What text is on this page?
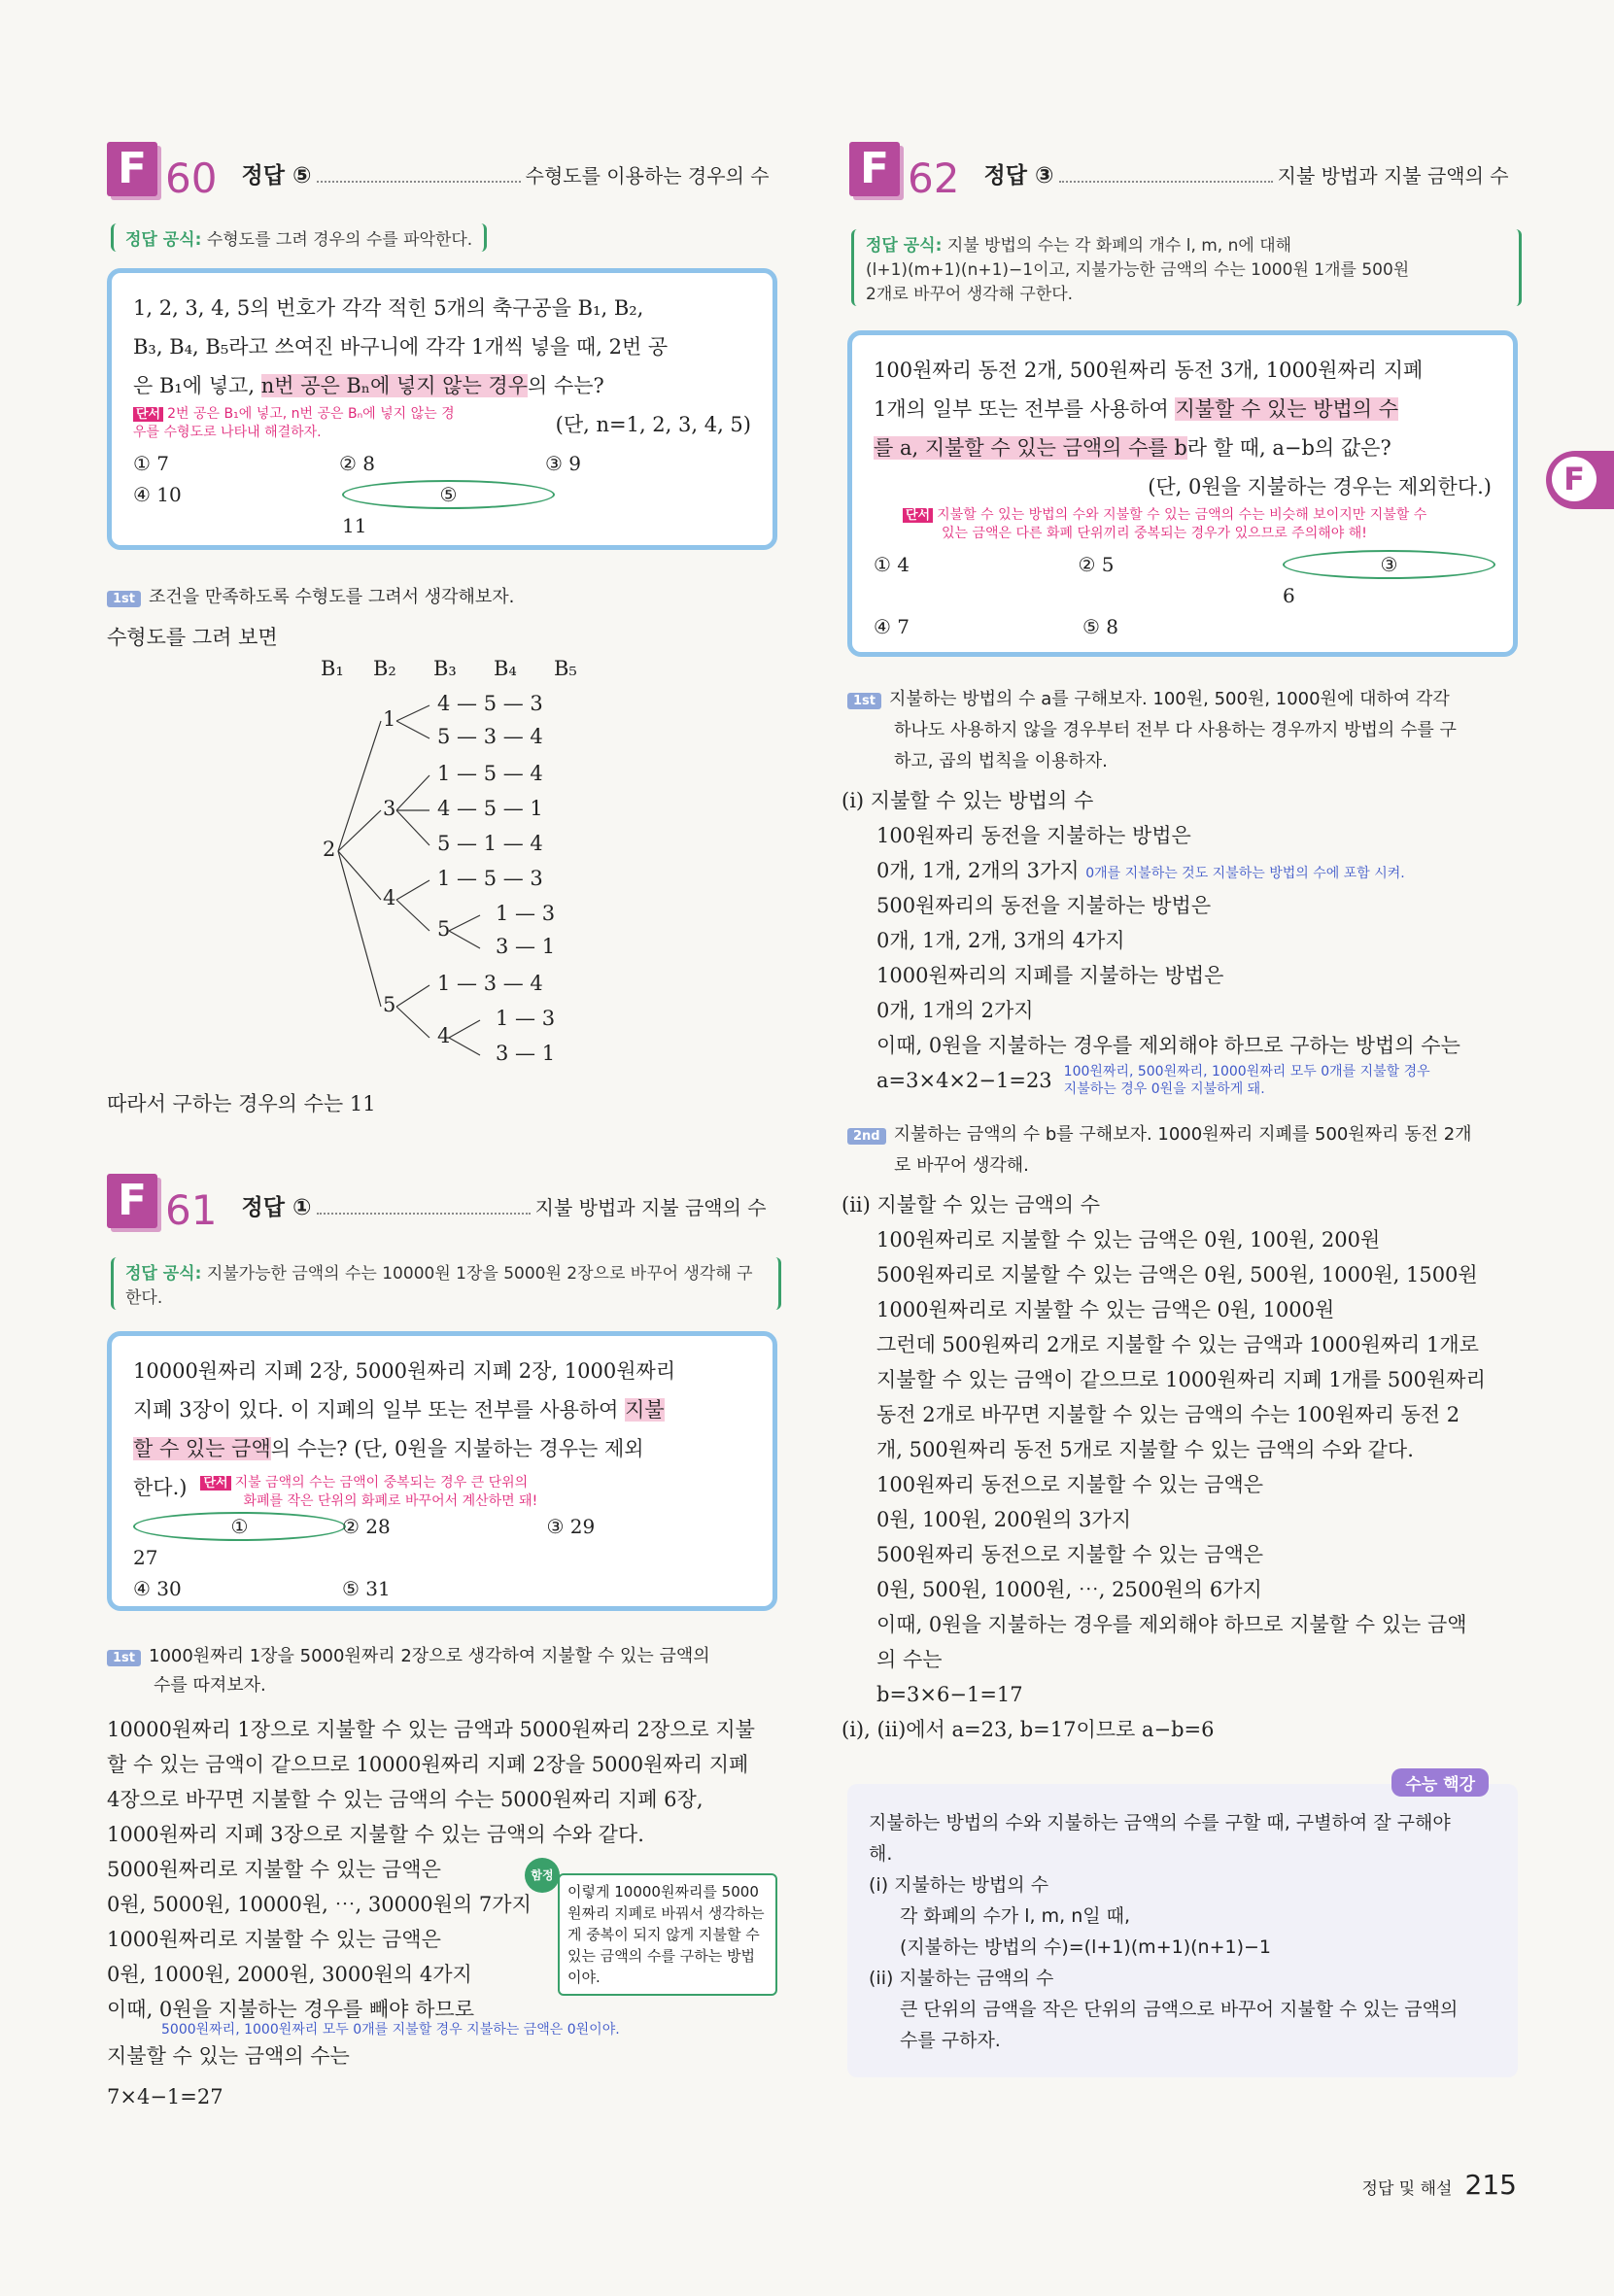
F
F 60 정답 ⑤	수형도를 이용하는 경우의 수
정답 공식: 수형도를 그려 경우의 수를 파악한다.
1, 2, 3, 4, 5의 번호가 각각 적힌 5개의 축구공을 B₁, B₂,
B₃, B₄, B₅라고 쓰여진 바구니에 각각 1개씩 넣을 때, 2번 공
은 B₁에 넣고, n번 공은 Bₙ에 넣지 않는 경우의 수는?
단서 2번 공은 B₁에 넣고, n번 공은 Bₙ에 넣지 않는 경우를 수형도로 나타내 해결하자.	(단, n=1, 2, 3, 4, 5)
① 7	② 8	③ 9
④ 10	⑤11
1st 조건을 만족하도록 수형도를 그려서 생각해보자.
수형도를 그려 보면
B₁ B₂ B₃ B₄ B₅
2
1
3
4
5
4 — 5 — 3
5 — 3 — 4
1 — 5 — 4
4 — 5 — 1
5 — 1 — 4
1 — 5 — 3
5
1 — 3
3 — 1
1 — 3 — 4
4
1 — 3
3 — 1
따라서 구하는 경우의 수는 11
F 61 정답 ①	지불 방법과 지불 금액의 수
정답 공식: 지불가능한 금액의 수는 10000원 1장을 5000원 2장으로 바꾸어 생각해 구한다.
10000원짜리 지폐 2장, 5000원짜리 지폐 2장, 1000원짜리
지폐 3장이 있다. 이 지폐의 일부 또는 전부를 사용하여 지불
할 수 있는 금액의 수는? (단, 0원을 지불하는 경우는 제외
한다.) 단서 지불 금액의 수는 금액이 중복되는 경우 큰 단위의
화폐를 작은 단위의 화폐로 바꾸어서 계산하면 돼!
①27
② 28	③ 29
④ 30	⑤ 31
1st 1000원짜리 1장을 5000원짜리 2장으로 생각하여 지불할 수 있는 금액의
수를 따져보자.
10000원짜리 1장으로 지불할 수 있는 금액과 5000원짜리 2장으로 지불
할 수 있는 금액이 같으므로 10000원짜리 지폐 2장을 5000원짜리 지폐
4장으로 바꾸면 지불할 수 있는 금액의 수는 5000원짜리 지폐 6장,
1000원짜리 지폐 3장으로 지불할 수 있는 금액의 수와 같다.
5000원짜리로 지불할 수 있는 금액은
0원, 5000원, 10000원, ⋯, 30000원의 7가지
1000원짜리로 지불할 수 있는 금액은
0원, 1000원, 2000원, 3000원의 4가지
이때, 0원을 지불하는 경우를 빼야 하므로
5000원짜리, 1000원짜리 모두 0개를 지불할 경우 지불하는 금액은 0원이야.
지불할 수 있는 금액의 수는
7×4−1=27
함정
이렇게 10000원짜리를 5000원짜리 지폐로 바꿔서 생각하는 게 중복이 되지 않게 지불할 수 있는 금액의 수를 구하는 방법이야.
F 62 정답 ③	지불 방법과 지불 금액의 수
정답 공식: 지불 방법의 수는 각 화폐의 개수 l, m, n에 대해
(l+1)(m+1)(n+1)−1이고, 지불가능한 금액의 수는 1000원 1개를 500원
2개로 바꾸어 생각해 구한다.
100원짜리 동전 2개, 500원짜리 동전 3개, 1000원짜리 지폐
1개의 일부 또는 전부를 사용하여 지불할 수 있는 방법의 수
를 a, 지불할 수 있는 금액의 수를 b라 할 때, a−b의 값은?
(단, 0원을 지불하는 경우는 제외한다.)
단서 지불할 수 있는 방법의 수와 지불할 수 있는 금액의 수는 비슷해 보이지만 지불할 수
있는 금액은 다른 화폐 단위끼리 중복되는 경우가 있으므로 주의해야 해!
① 4	② 5	③6
④ 7	⑤ 8
1st 지불하는 방법의 수 a를 구해보자. 100원, 500원, 1000원에 대하여 각각
하나도 사용하지 않을 경우부터 전부 다 사용하는 경우까지 방법의 수를 구
하고, 곱의 법칙을 이용하자.
(i) 지불할 수 있는 방법의 수
100원짜리 동전을 지불하는 방법은
0개, 1개, 2개의 3가지 0개를 지불하는 것도 지불하는 방법의 수에 포함 시켜.
500원짜리의 동전을 지불하는 방법은
0개, 1개, 2개, 3개의 4가지
1000원짜리의 지폐를 지불하는 방법은
0개, 1개의 2가지
이때, 0원을 지불하는 경우를 제외해야 하므로 구하는 방법의 수는
a=3×4×2−1=23 100원짜리, 500원짜리, 1000원짜리 모두 0개를 지불할 경우
지불하는 경우 0원을 지불하게 돼.
2nd 지불하는 금액의 수 b를 구해보자. 1000원짜리 지폐를 500원짜리 동전 2개
로 바꾸어 생각해.
(ii) 지불할 수 있는 금액의 수
100원짜리로 지불할 수 있는 금액은 0원, 100원, 200원
500원짜리로 지불할 수 있는 금액은 0원, 500원, 1000원, 1500원
1000원짜리로 지불할 수 있는 금액은 0원, 1000원
그런데 500원짜리 2개로 지불할 수 있는 금액과 1000원짜리 1개로
지불할 수 있는 금액이 같으므로 1000원짜리 지폐 1개를 500원짜리
동전 2개로 바꾸면 지불할 수 있는 금액의 수는 100원짜리 동전 2
개, 500원짜리 동전 5개로 지불할 수 있는 금액의 수와 같다.
100원짜리 동전으로 지불할 수 있는 금액은
0원, 100원, 200원의 3가지
500원짜리 동전으로 지불할 수 있는 금액은
0원, 500원, 1000원, ⋯, 2500원의 6가지
이때, 0원을 지불하는 경우를 제외해야 하므로 지불할 수 있는 금액
의 수는
b=3×6−1=17
(i), (ii)에서 a=23, b=17이므로 a−b=6
수능 핵강
지불하는 방법의 수와 지불하는 금액의 수를 구할 때, 구별하여 잘 구해야
해.
(i) 지불하는 방법의 수
각 화폐의 수가 l, m, n일 때,
(지불하는 방법의 수)=(l+1)(m+1)(n+1)−1
(ii) 지불하는 금액의 수
큰 단위의 금액을 작은 단위의 금액으로 바꾸어 지불할 수 있는 금액의
수를 구하자.
정답 및 해설 215
